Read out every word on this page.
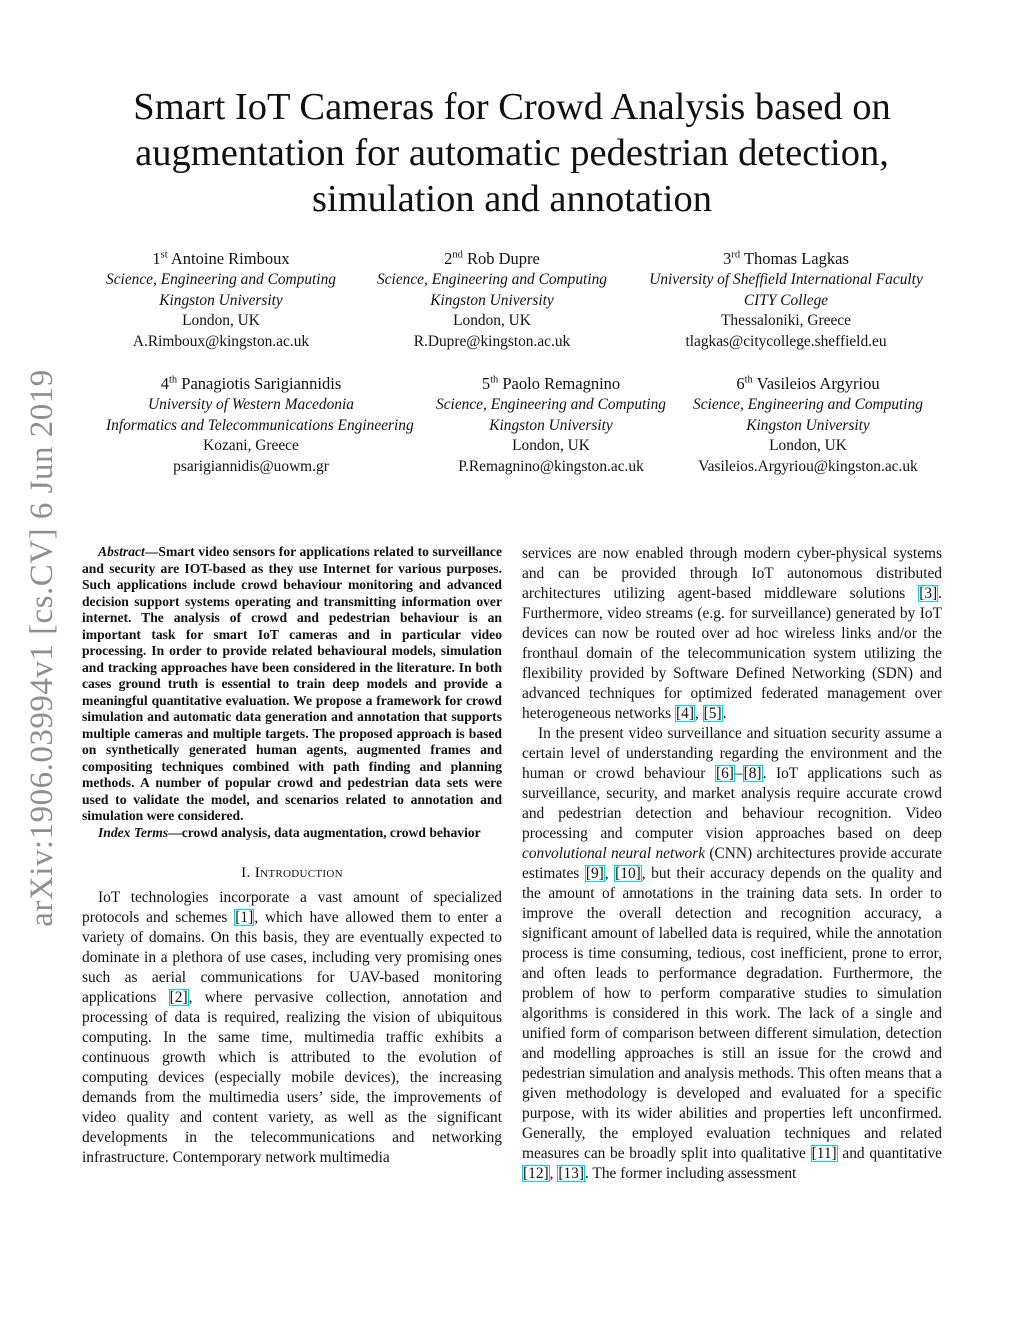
arXiv:1906.03994v1 [cs.CV] 6 Jun 2019
Smart IoT Cameras for Crowd Analysis based on augmentation for automatic pedestrian detection, simulation and annotation
1st Antoine Rimboux
Science, Engineering and Computing
Kingston University
London, UK
A.Rimboux@kingston.ac.uk
2nd Rob Dupre
Science, Engineering and Computing
Kingston University
London, UK
R.Dupre@kingston.ac.uk
3rd Thomas Lagkas
University of Sheffield International Faculty
CITY College
Thessaloniki, Greece
tlagkas@citycollege.sheffield.eu
4th Panagiotis Sarigiannidis
University of Western Macedonia
Informatics and Telecommunications Engineering
Kozani, Greece
psarigiannidis@uowm.gr
5th Paolo Remagnino
Science, Engineering and Computing
Kingston University
London, UK
P.Remagnino@kingston.ac.uk
6th Vasileios Argyriou
Science, Engineering and Computing
Kingston University
London, UK
Vasileios.Argyriou@kingston.ac.uk

Abstract—Smart video sensors for applications related to surveillance and security are IOT-based as they use Internet for various purposes. Such applications include crowd behaviour monitoring and advanced decision support systems operating and transmitting information over internet. The analysis of crowd and pedestrian behaviour is an important task for smart IoT cameras and in particular video processing. In order to provide related behavioural models, simulation and tracking approaches have been considered in the literature. In both cases ground truth is essential to train deep models and provide a meaningful quantitative evaluation. We propose a framework for crowd simulation and automatic data generation and annotation that supports multiple cameras and multiple targets. The proposed approach is based on synthetically generated human agents, augmented frames and compositing techniques combined with path finding and planning methods. A number of popular crowd and pedestrian data sets were used to validate the model, and scenarios related to annotation and simulation were considered.

Index Terms—crowd analysis, data augmentation, crowd behavior

I. Introduction

IoT technologies incorporate a vast amount of specialized protocols and schemes [1], which have allowed them to enter a variety of domains. On this basis, they are eventually expected to dominate in a plethora of use cases, including very promising ones such as aerial communications for UAV-based monitoring applications [2], where pervasive collection, annotation and processing of data is required, realizing the vision of ubiquitous computing. In the same time, multimedia traffic exhibits a continuous growth which is attributed to the evolution of computing devices (especially mobile devices), the increasing demands from the multimedia users’ side, the improvements of video quality and content variety, as well as the significant developments in the telecommunications and networking infrastructure. Contemporary network multimedia

services are now enabled through modern cyber-physical systems and can be provided through IoT autonomous distributed architectures utilizing agent-based middleware solutions [3]. Furthermore, video streams (e.g. for surveillance) generated by IoT devices can now be routed over ad hoc wireless links and/or the fronthaul domain of the telecommunication system utilizing the flexibility provided by Software Defined Networking (SDN) and advanced techniques for optimized federated management over heterogeneous networks [4], [5].

In the present video surveillance and situation security assume a certain level of understanding regarding the environment and the human or crowd behaviour [6]–[8]. IoT applications such as surveillance, security, and market analysis require accurate crowd and pedestrian detection and behaviour recognition. Video processing and computer vision approaches based on deep convolutional neural network (CNN) architectures provide accurate estimates [9], [10], but their accuracy depends on the quality and the amount of annotations in the training data sets. In order to improve the overall detection and recognition accuracy, a significant amount of labelled data is required, while the annotation process is time consuming, tedious, cost inefficient, prone to error, and often leads to performance degradation. Furthermore, the problem of how to perform comparative studies to simulation algorithms is considered in this work. The lack of a single and unified form of comparison between different simulation, detection and modelling approaches is still an issue for the crowd and pedestrian simulation and analysis methods. This often means that a given methodology is developed and evaluated for a specific purpose, with its wider abilities and properties left unconfirmed. Generally, the employed evaluation techniques and related measures can be broadly split into qualitative [11] and quantitative [12], [13]. The former including assessment
